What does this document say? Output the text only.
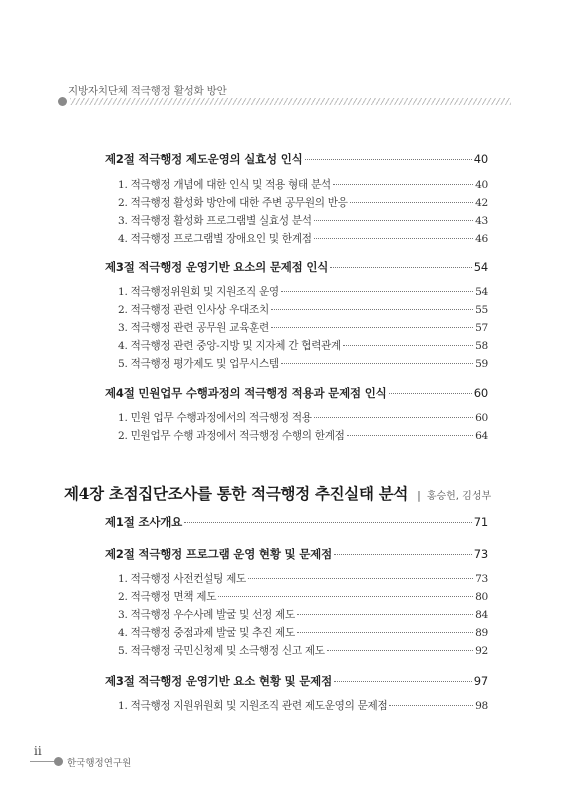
지방자치단체 적극행정 활성화 방안
제2절 적극행정 제도운영의 실효성 인식	40
1. 적극행정 개념에 대한 인식 및 적용 형태 분석	40
2. 적극행정 활성화 방안에 대한 주변 공무원의 반응	42
3. 적극행정 활성화 프로그램별 실효성 분석	43
4. 적극행정 프로그램별 장애요인 및 한계점	46
제3절 적극행정 운영기반 요소의 문제점 인식	54
1. 적극행정위원회 및 지원조직 운영	54
2. 적극행정 관련 인사상 우대조치	55
3. 적극행정 관련 공무원 교육훈련	57
4. 적극행정 관련 중앙-지방 및 지자체 간 협력관계	58
5. 적극행정 평가제도 및 업무시스템	59
제4절 민원업무 수행과정의 적극행정 적용과 문제점 인식	60
1. 민원 업무 수행과정에서의 적극행정 적용	60
2. 민원업무 수행 과정에서 적극행정 수행의 한계점	64
제4장 초점집단조사를 통한 적극행정 추진실태 분석 | 홍승헌, 김성부
제1절 조사개요	71
제2절 적극행정 프로그램 운영 현황 및 문제점	73
1. 적극행정 사전컨설팅 제도	73
2. 적극행정 면책 제도	80
3. 적극행정 우수사례 발굴 및 선정 제도	84
4. 적극행정 중점과제 발굴 및 추진 제도	89
5. 적극행정 국민신청제 및 소극행정 신고 제도	92
제3절 적극행정 운영기반 요소 현황 및 문제점	97
1. 적극행정 지원위원회 및 지원조직 관련 제도운영의 문제점	98
ii
한국행정연구원
